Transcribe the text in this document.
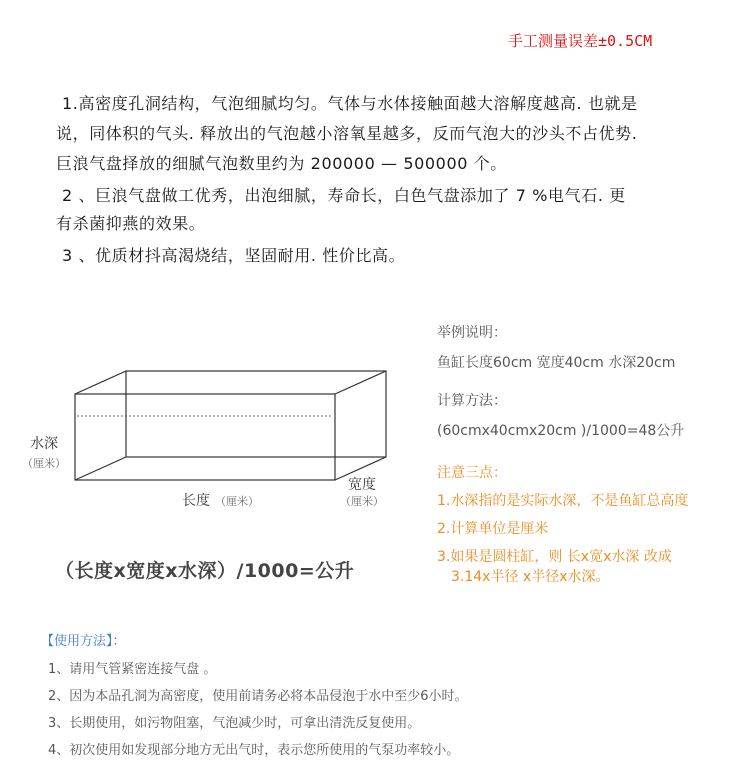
手工测量误差±0.5CM
1.高密度孔洞结构，气泡细腻均匀。气体与水体接触面越大溶解度越高. 也就是
说，同体积的气头. 释放出的气泡越小溶氧星越多，反而气泡大的沙头不占优势.
巨浪气盘择放的细腻气泡数里约为 200000 — 500000 个。
2 、巨浪气盘做工优秀，出泡细腻，寿命长，白色气盘添加了 7 %电气石. 更
有杀菌抑燕的效果。
3 、优质材抖高渴烧结，坚固耐用. 性价比高。
水深
（厘米）
长度 （厘米）
宽度
（厘米）
（长度x宽度x水深）/1000=公升
举例说明：
鱼缸长度60cm 宽度40cm 水深20cm
计算方法：
(60cmx40cmx20cm )/1000=48公升
注意三点：
1.水深指的是实际水深，不是鱼缸总高度
2.计算单位是厘米
3.如果是圆柱缸，则 长x宽x水深 改成
3.14x半径 x半径x水深。
【使用方法】：
1、请用气管紧密连接气盘 。
2、因为本品孔洞为高密度，使用前请务必将本品侵泡于水中至少6小时。
3、长期使用，如污物阻塞，气泡减少时，可拿出清洗反复使用。
4、初次使用如发现部分地方无出气时，表示您所使用的气泵功率较小。
